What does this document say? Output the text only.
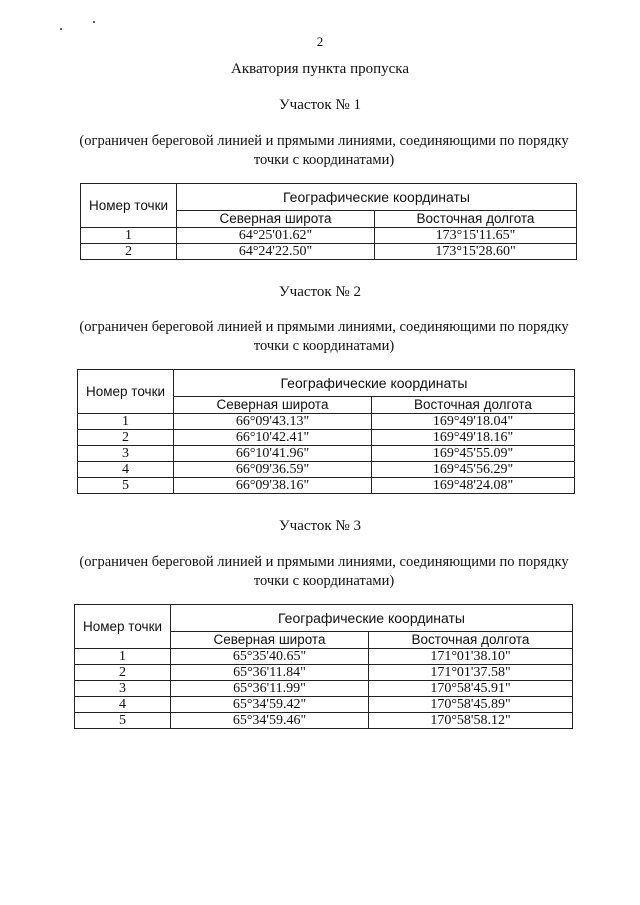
2
Акватория пункта пропуска
Участок № 1
(ограничен береговой линией и прямыми линиями, соединяющими по порядку точки с координатами)
Номер точки	Географические координаты	
	Северная широта	Восточная долгота
1	64°25'01.62"	173°15'11.65"
2	64°24'22.50"	173°15'28.60"
Участок № 2
(ограничен береговой линией и прямыми линиями, соединяющими по порядку точки с координатами)
Номер точки	Географические координаты	
	Северная широта	Восточная долгота
1	66°09'43.13"	169°49'18.04"
2	66°10'42.41"	169°49'18.16"
3	66°10'41.96"	169°45'55.09"
4	66°09'36.59"	169°45'56.29"
5	66°09'38.16"	169°48'24.08"
Участок № 3
(ограничен береговой линией и прямыми линиями, соединяющими по порядку точки с координатами)
Номер точки	Географические координаты	
	Северная широта	Восточная долгота
1	65°35'40.65"	171°01'38.10"
2	65°36'11.84"	171°01'37.58"
3	65°36'11.99"	170°58'45.91"
4	65°34'59.42"	170°58'45.89"
5	65°34'59.46"	170°58'58.12"
